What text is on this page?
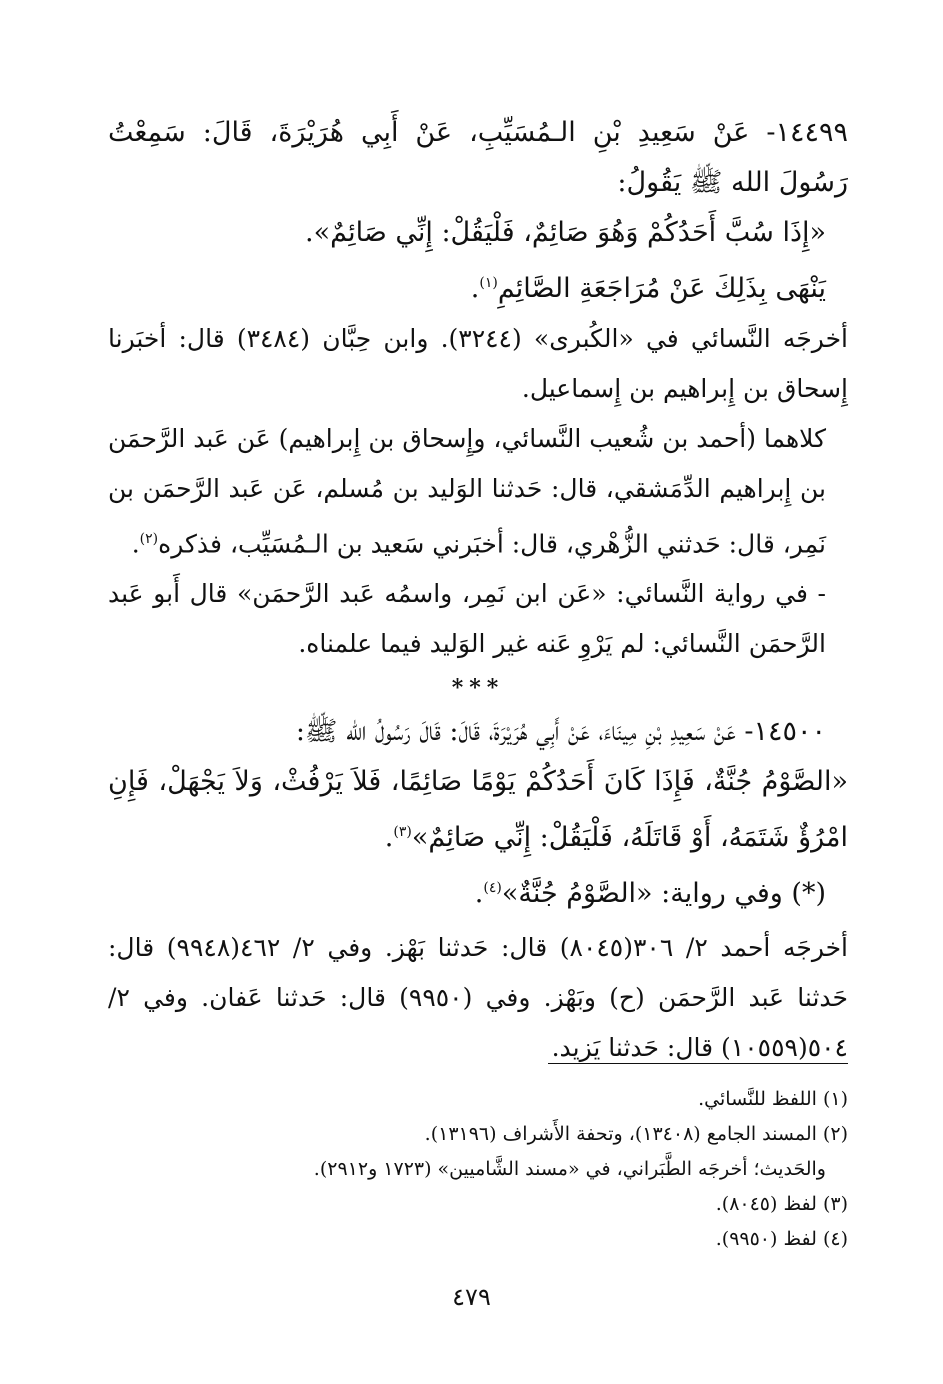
١٤٤٩٩- عَنْ سَعِيدِ بْنِ الـمُسَيِّبِ، عَنْ أَبِي هُرَيْرَةَ، قَالَ: سَمِعْتُ رَسُولَ الله ﷺ يَقُولُ:

«إِذَا سُبَّ أَحَدُكُمْ وَهُوَ صَائِمٌ، فَلْيَقُلْ: إِنِّي صَائِمٌ».

يَنْهَى بِذَلِكَ عَنْ مُرَاجَعَةِ الصَّائِمِ$^{(١)}$.

أخرجَه النَّسائي في «الكُبرى» (٣٢٤٤). وابن حِبَّان (٣٤٨٤) قال: أخبَرنا إِسحاق بن إِبراهيم بن إِسماعيل.

كلاهما (أحمد بن شُعيب النَّسائي، وإِسحاق بن إِبراهيم) عَن عَبد الرَّحمَن بن إِبراهيم الدِّمَشقي، قال: حَدثنا الوَليد بن مُسلم، عَن عَبد الرَّحمَن بن نَمِر، قال: حَدثني الزُّهْري، قال: أخبَرني سَعيد بن الـمُسَيِّب، فذكره$^{(٢)}$.

- في رواية النَّسائي: «عَن ابن نَمِر، واسمُه عَبد الرَّحمَن» قال أَبو عَبد الرَّحمَن النَّسائي: لم يَرْوِ عَنه غير الوَليد فيما علمناه.

***

١٤٥٠٠- عَنْ سَعِيدِ بْنِ مِينَاءَ، عَنْ أَبِي هُرَيْرَةَ، قَالَ: قَالَ رَسُولُ الله ﷺ:

«الصَّوْمُ جُنَّةٌ، فَإِذَا كَانَ أَحَدُكُمْ يَوْمًا صَائِمًا، فَلاَ يَرْفُثْ، وَلاَ يَجْهَلْ، فَإِنِ امْرُؤٌ شَتَمَهُ، أَوْ قَاتَلَهُ، فَلْيَقُلْ: إِنِّي صَائِمٌ»$^{(٣)}$.

(*) وفي رواية: «الصَّوْمُ جُنَّةٌ»$^{(٤)}$.

أخرجَه أحمد ٢/ ٣٠٦(٨٠٤٥) قال: حَدثنا بَهْز. وفي ٢/ ٤٦٢(٩٩٤٨) قال: حَدثنا عَبد الرَّحمَن (ح) وبَهْز. وفي (٩٩٥٠) قال: حَدثنا عَفان. وفي ٢/ ٥٠٤(١٠٥٥٩) قال: حَدثنا يَزيد.

(١) اللفظ للنَّسائي.

(٢) المسند الجامع (١٣٤٠٨)، وتحفة الأَشراف (١٣١٩٦).

والحَديث؛ أخرجَه الطَّبَراني، في «مسند الشَّاميين» (١٧٢٣ و٢٩١٢).

(٣) لفظ (٨٠٤٥).

(٤) لفظ (٩٩٥٠).

٤٧٩
